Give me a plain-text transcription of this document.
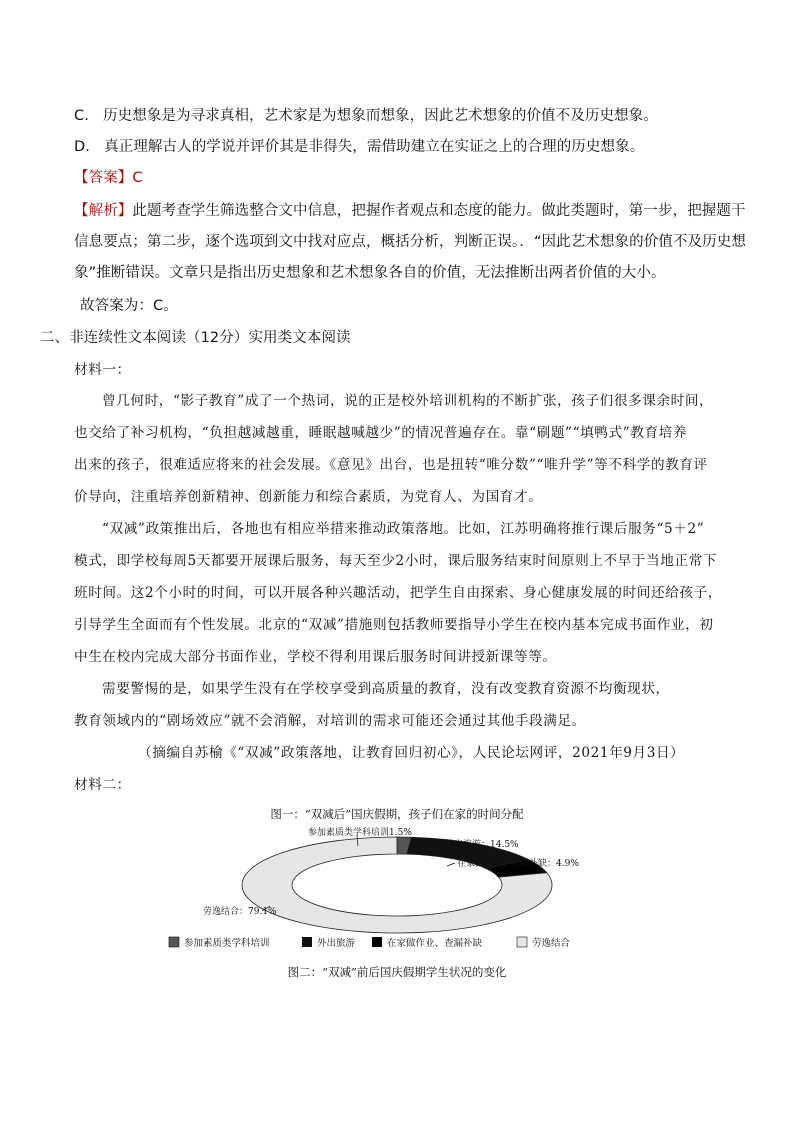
C.   历史想象是为寻求真相，艺术家是为想象而想象，因此艺术想象的价值不及历史想象。
D.   真正理解古人的学说并评价其是非得失，需借助建立在实证之上的合理的历史想象。
【答案】C
【解析】此题考查学生筛选整合文中信息，把握作者观点和态度的能力。做此类题时，第一步，把握题干
信息要点；第二步，逐个选项到文中找对应点，概括分析，判断正误。．“因此艺术想象的价值不及历史想
象”推断错误。文章只是指出历史想象和艺术想象各自的价值，无法推断出两者价值的大小。
故答案为：C。
二、非连续性文本阅读（12分）实用类文本阅读
材料一：
曾几何时，“影子教育”成了一个热词，说的正是校外培训机构的不断扩张，孩子们很多课余时间，
也交给了补习机构，“负担越减越重，睡眠越喊越少”的情况普遍存在。靠“刷题”“填鸭式”教育培养
出来的孩子，很难适应将来的社会发展。《意见》出台，也是扭转“唯分数”“唯升学”等不科学的教育评
价导向，注重培养创新精神、创新能力和综合素质，为党育人、为国育才。
“双减”政策推出后，各地也有相应举措来推动政策落地。比如，江苏明确将推行课后服务“5＋2”
模式，即学校每周5天都要开展课后服务，每天至少2小时，课后服务结束时间原则上不早于当地正常下
班时间。这2个小时的时间，可以开展各种兴趣活动，把学生自由探索、身心健康发展的时间还给孩子，
引导学生全面而有个性发展。北京的“双减”措施则包括教师要指导小学生在校内基本完成书面作业，初
中生在校内完成大部分书面作业，学校不得利用课后服务时间讲授新课等等。
需要警惕的是，如果学生没有在学校享受到高质量的教育，没有改变教育资源不均衡现状，
教育领域内的“剧场效应”就不会消解，对培训的需求可能还会通过其他手段满足。
（摘编自苏榆《“双减”政策落地，让教育回归初心》，人民论坛网评，2021年9月3日）
材料二：
图一：“双减后”国庆假期，孩子们在家的时间分配
参加素质类学科培训1.5%
外出旅游：14.5%
在家做作业、查漏补缺：4.9%
劳逸结合：79.1%
参加素质类学科培训	外出旅游	在家做作业、查漏补缺	劳逸结合
图二：“双减”前后国庆假期学生状况的变化
